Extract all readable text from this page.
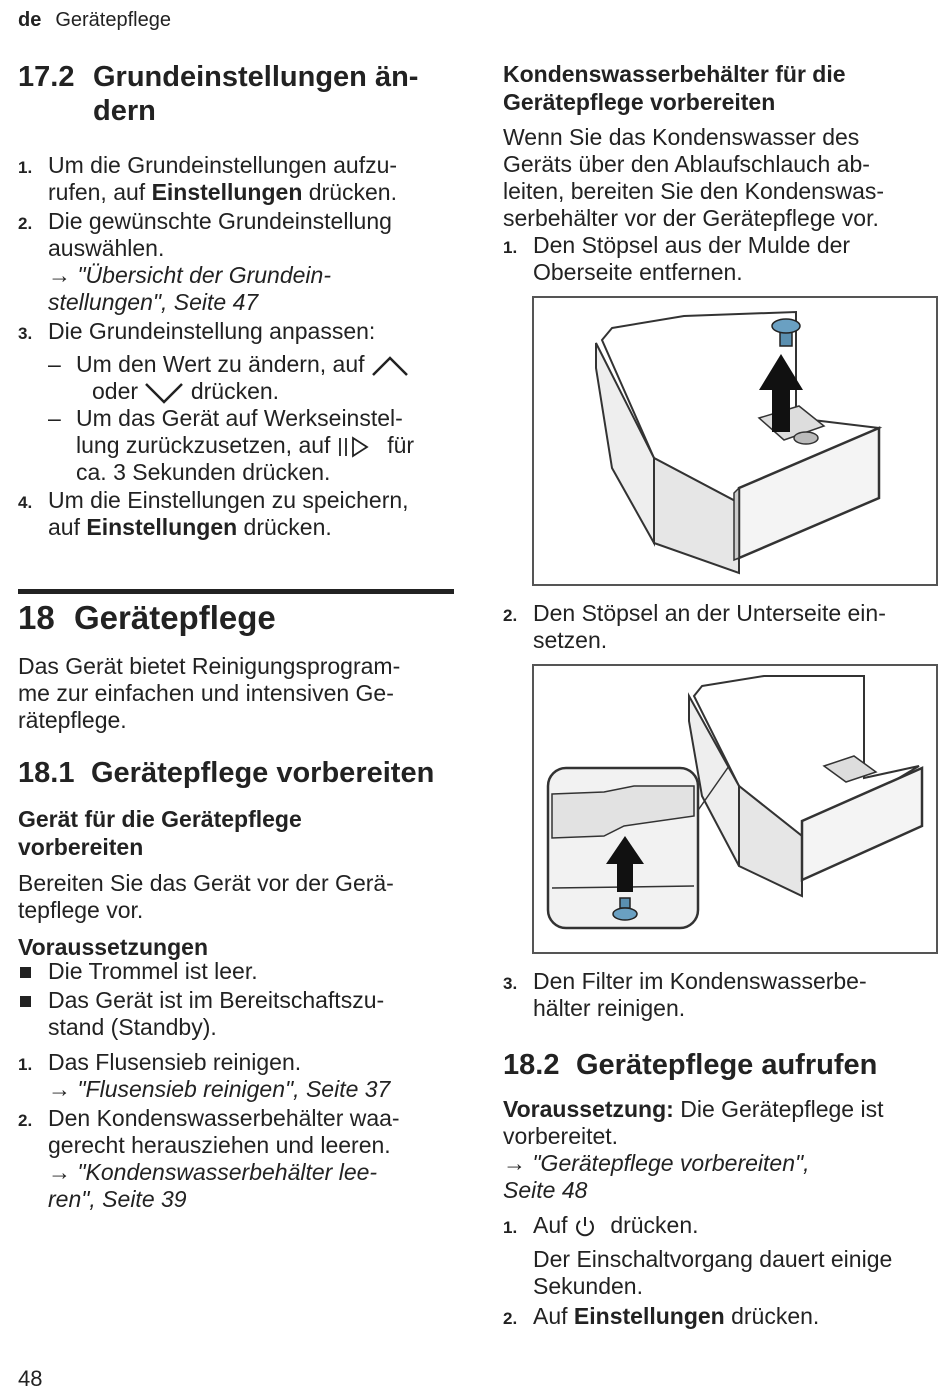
de Gerätepflege
17.2 Grundeinstellungen än-
dern
1. Um die Grundeinstellungen aufzu-
rufen, auf Einstellungen drücken.
2. Die gewünschte Grundeinstellung
auswählen.
→ "Übersicht der Grundein-
stellungen", Seite 47
3. Die Grundeinstellung anpassen:
– Um den Wert zu ändern, auf
oder drücken.
– Um das Gerät auf Werkseinstel-
lung zurückzusetzen, auf für
ca. 3 Sekunden drücken.
4. Um die Einstellungen zu speichern,
auf Einstellungen drücken.
18 Gerätepflege
Das Gerät bietet Reinigungsprogram-
me zur einfachen und intensiven Ge-
rätepflege.
18.1 Gerätepflege vorbereiten
Gerät für die Gerätepflege
vorbereiten
Bereiten Sie das Gerät vor der Gerä-
tepflege vor.
Voraussetzungen
Die Trommel ist leer.
Das Gerät ist im Bereitschaftszu-
stand (Standby).
1. Das Flusensieb reinigen.
→ "Flusensieb reinigen", Seite 37
2. Den Kondenswasserbehälter waa-
gerecht herausziehen und leeren.
→ "Kondenswasserbehälter lee-
ren", Seite 39
Kondenswasserbehälter für die
Gerätepflege vorbereiten
Wenn Sie das Kondenswasser des
Geräts über den Ablaufschlauch ab-
leiten, bereiten Sie den Kondenswas-
serbehälter vor der Gerätepflege vor.
1. Den Stöpsel aus der Mulde der
Oberseite entfernen.
2. Den Stöpsel an der Unterseite ein-
setzen.
3. Den Filter im Kondenswasserbe-
hälter reinigen.
18.2 Gerätepflege aufrufen
Voraussetzung: Die Gerätepflege ist
vorbereitet.
→ "Gerätepflege vorbereiten",
Seite 48
1. Auf drücken.
Der Einschaltvorgang dauert einige
Sekunden.
2. Auf Einstellungen drücken.
48
